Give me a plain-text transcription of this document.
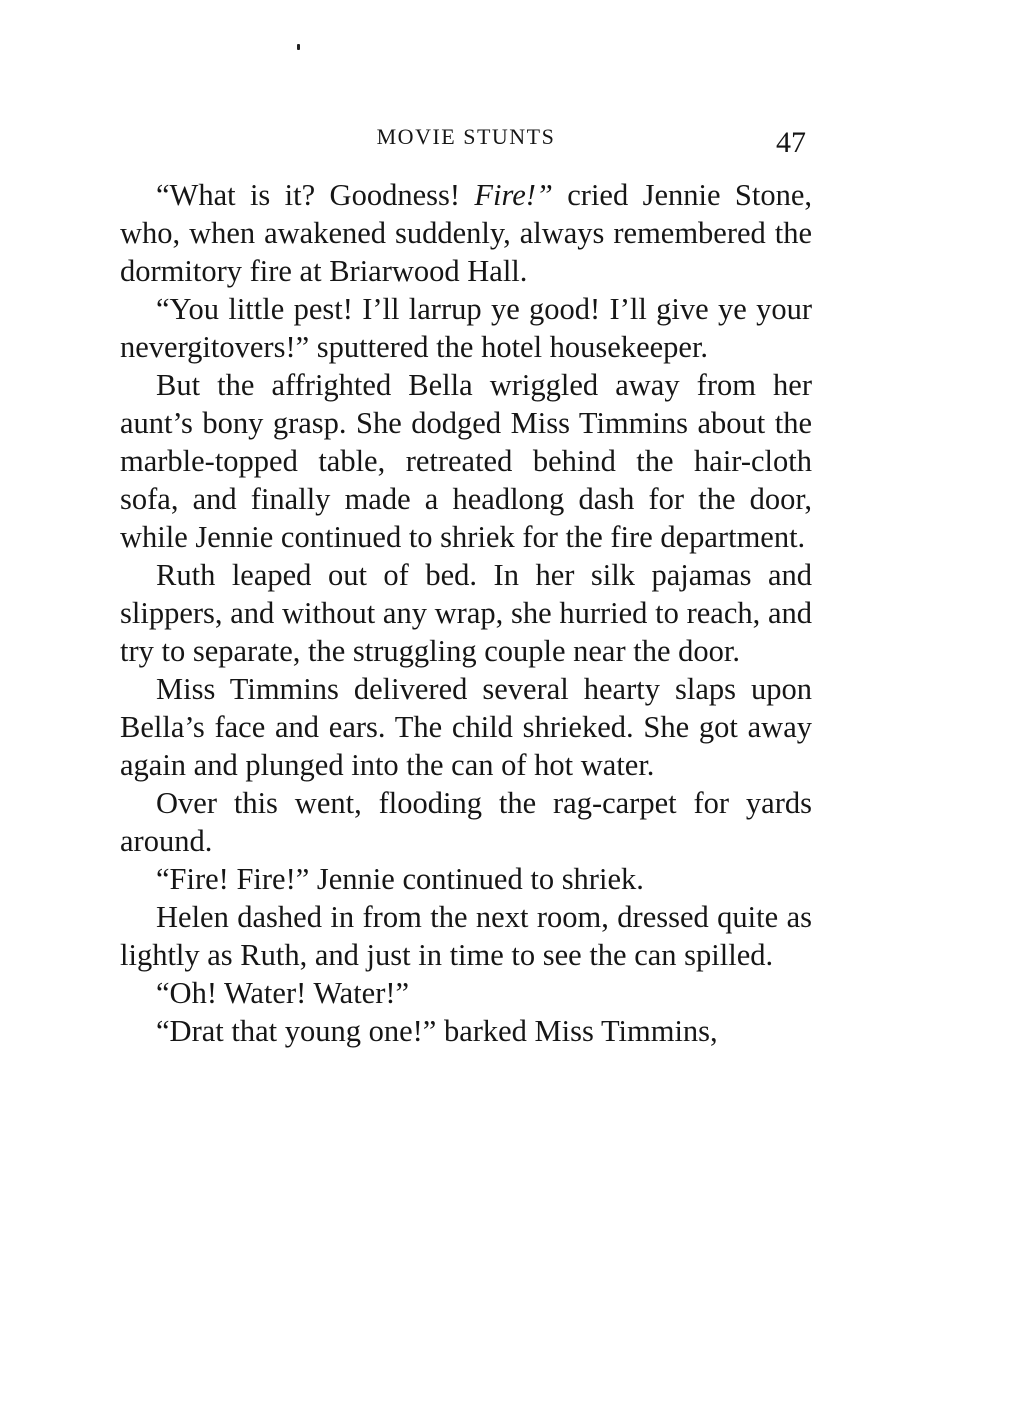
MOVIE STUNTS	47

“What is it? Goodness! Fire!” cried Jennie Stone, who, when awakened suddenly, always remembered the dormitory fire at Briarwood Hall.

“You little pest! I’ll larrup ye good! I’ll give ye your nevergitovers!” sputtered the hotel housekeeper.

But the affrighted Bella wriggled away from her aunt’s bony grasp. She dodged Miss Timmins about the marble-topped table, retreated behind the hair-cloth sofa, and finally made a headlong dash for the door, while Jennie continued to shriek for the fire department.

Ruth leaped out of bed. In her silk pajamas and slippers, and without any wrap, she hurried to reach, and try to separate, the struggling couple near the door.

Miss Timmins delivered several hearty slaps upon Bella’s face and ears. The child shrieked. She got away again and plunged into the can of hot water.

Over this went, flooding the rag-carpet for yards around.

“Fire! Fire!” Jennie continued to shriek.

Helen dashed in from the next room, dressed quite as lightly as Ruth, and just in time to see the can spilled.

“Oh! Water! Water!”

“Drat that young one!” barked Miss Timmins,
